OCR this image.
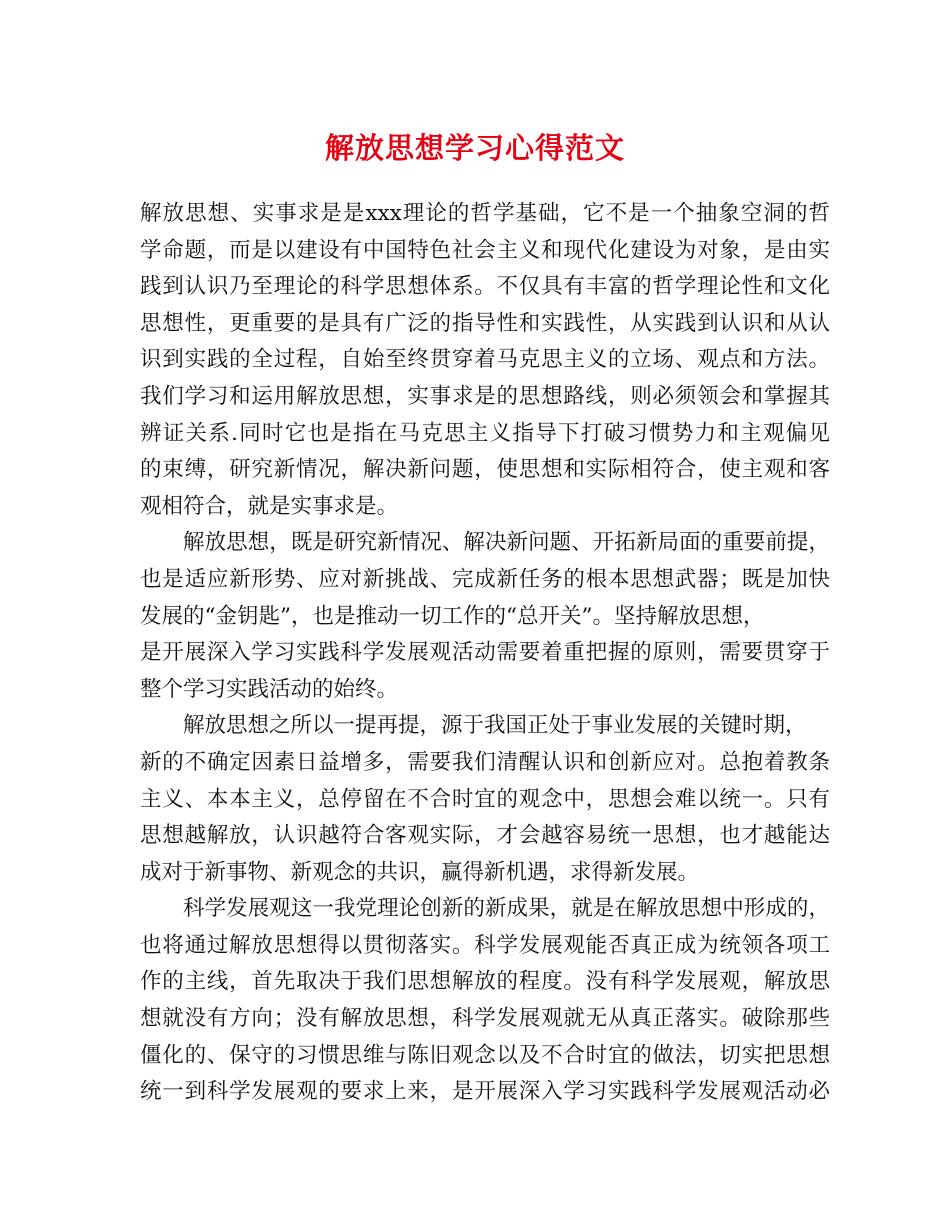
解放思想学习心得范文
解放思想、实事求是是xxx理论的哲学基础，它不是一个抽象空洞的哲
学命题，而是以建设有中国特色社会主义和现代化建设为对象，是由实
践到认识乃至理论的科学思想体系。不仅具有丰富的哲学理论性和文化
思想性，更重要的是具有广泛的指导性和实践性，从实践到认识和从认
识到实践的全过程，自始至终贯穿着马克思主义的立场、观点和方法。
我们学习和运用解放思想，实事求是的思想路线，则必须领会和掌握其
辨证关系.同时它也是指在马克思主义指导下打破习惯势力和主观偏见
的束缚，研究新情况，解决新问题，使思想和实际相符合，使主观和客
观相符合，就是实事求是。
解放思想，既是研究新情况、解决新问题、开拓新局面的重要前提，
也是适应新形势、应对新挑战、完成新任务的根本思想武器；既是加快
发展的“金钥匙”，也是推动一切工作的“总开关”。坚持解放思想，
是开展深入学习实践科学发展观活动需要着重把握的原则，需要贯穿于
整个学习实践活动的始终。
解放思想之所以一提再提，源于我国正处于事业发展的关键时期，
新的不确定因素日益增多，需要我们清醒认识和创新应对。总抱着教条
主义、本本主义，总停留在不合时宜的观念中，思想会难以统一。只有
思想越解放，认识越符合客观实际，才会越容易统一思想，也才越能达
成对于新事物、新观念的共识，赢得新机遇，求得新发展。
科学发展观这一我党理论创新的新成果，就是在解放思想中形成的，
也将通过解放思想得以贯彻落实。科学发展观能否真正成为统领各项工
作的主线，首先取决于我们思想解放的程度。没有科学发展观，解放思
想就没有方向；没有解放思想，科学发展观就无从真正落实。破除那些
僵化的、保守的习惯思维与陈旧观念以及不合时宜的做法，切实把思想
统一到科学发展观的要求上来，是开展深入学习实践科学发展观活动必
